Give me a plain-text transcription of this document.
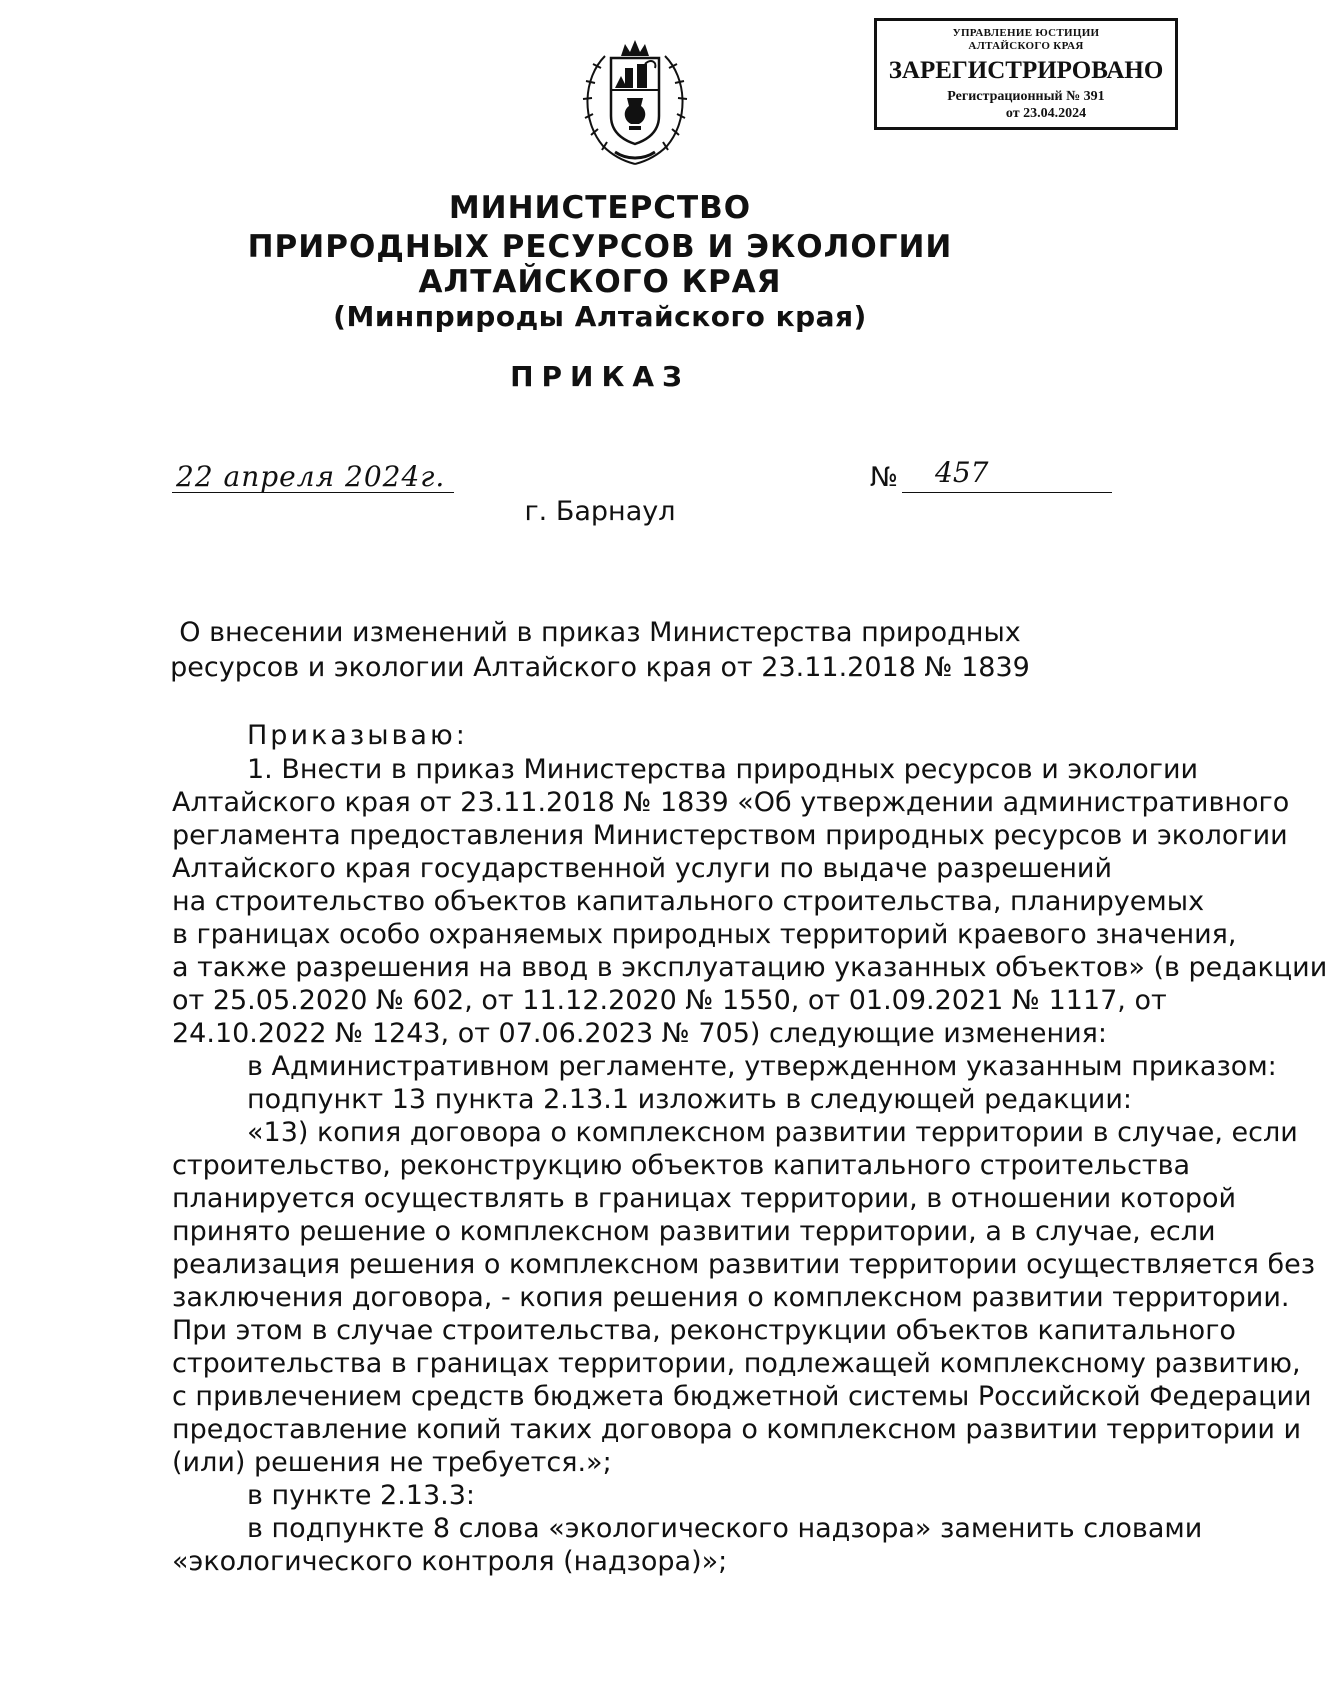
УПРАВЛЕНИЕ ЮСТИЦИИ
АЛТАЙСКОГО КРАЯ
ЗАРЕГИСТРИРОВАНО
Регистрационный № 391
от 23.04.2024
МИНИСТЕРСТВО
ПРИРОДНЫХ РЕСУРСОВ И ЭКОЛОГИИ
АЛТАЙСКОГО КРАЯ
(Минприроды Алтайского края)
ПРИКАЗ
22 апреля 2024г.	№ 457
г. Барнаул
О внесении изменений в приказ Министерства природных
ресурсов и экологии Алтайского края от 23.11.2018 № 1839
Приказываю:
1. Внести в приказ Министерства природных ресурсов и экологии
Алтайского края от 23.11.2018 № 1839 «Об утверждении административного
регламента предоставления Министерством природных ресурсов и экологии
Алтайского края государственной услуги по выдаче разрешений
на строительство объектов капитального строительства, планируемых
в границах особо охраняемых природных территорий краевого значения,
а также разрешения на ввод в эксплуатацию указанных объектов» (в редакции
от 25.05.2020 № 602, от 11.12.2020 № 1550, от 01.09.2021 № 1117, от
24.10.2022 № 1243, от 07.06.2023 № 705) следующие изменения:
в Административном регламенте, утвержденном указанным приказом:
подпункт 13 пункта 2.13.1 изложить в следующей редакции:
«13) копия договора о комплексном развитии территории в случае, если
строительство, реконструкцию объектов капитального строительства
планируется осуществлять в границах территории, в отношении которой
принято решение о комплексном развитии территории, а в случае, если
реализация решения о комплексном развитии территории осуществляется без
заключения договора, - копия решения о комплексном развитии территории.
При этом в случае строительства, реконструкции объектов капитального
строительства в границах территории, подлежащей комплексному развитию,
с привлечением средств бюджета бюджетной системы Российской Федерации
предоставление копий таких договора о комплексном развитии территории и
(или) решения не требуется.»;
в пункте 2.13.3:
в подпункте 8 слова «экологического надзора» заменить словами
«экологического контроля (надзора)»;
